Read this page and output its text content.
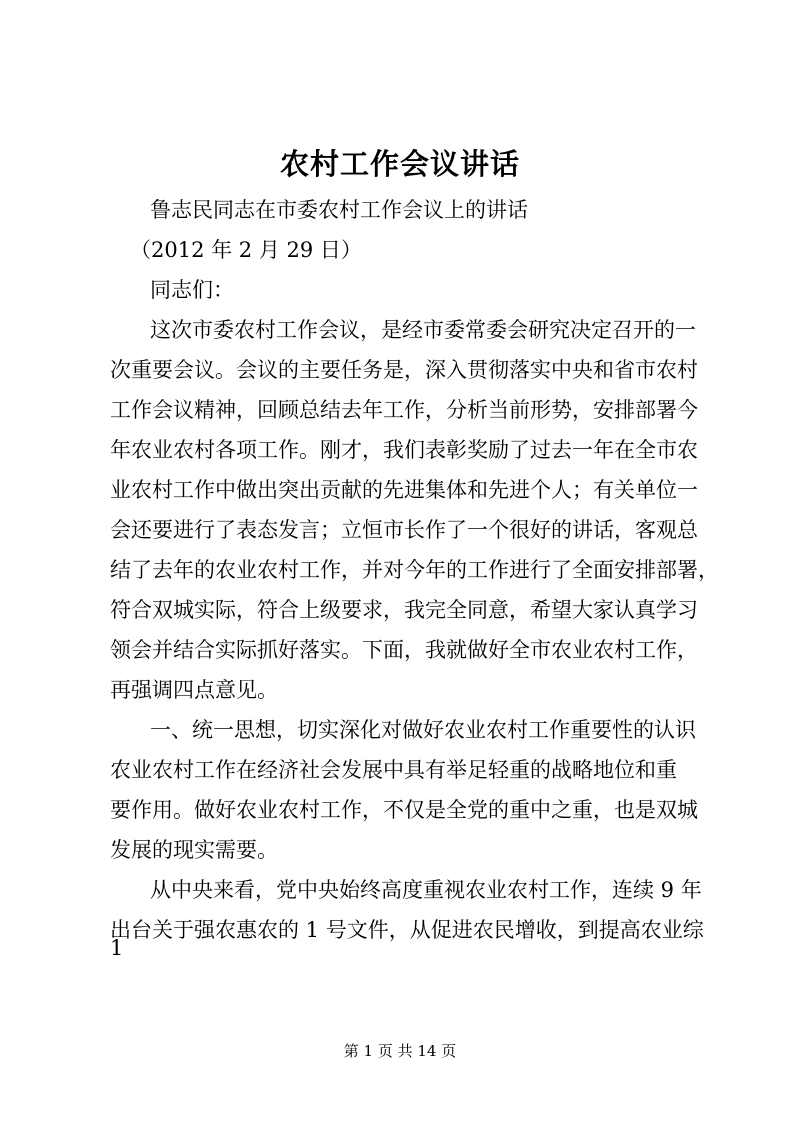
农村工作会议讲话
鲁志民同志在市委农村工作会议上的讲话
（2012 年 2 月 29 日）
同志们：
这次市委农村工作会议，是经市委常委会研究决定召开的一
次重要会议。会议的主要任务是，深入贯彻落实中央和省市农村
工作会议精神，回顾总结去年工作，分析当前形势，安排部署今
年农业农村各项工作。刚才，我们表彰奖励了过去一年在全市农
业农村工作中做出突出贡献的先进集体和先进个人；有关单位一
会还要进行了表态发言；立恒市长作了一个很好的讲话，客观总
结了去年的农业农村工作，并对今年的工作进行了全面安排部署，
符合双城实际，符合上级要求，我完全同意，希望大家认真学习
领会并结合实际抓好落实。下面，我就做好全市农业农村工作，
再强调四点意见。
一、统一思想，切实深化对做好农业农村工作重要性的认识
农业农村工作在经济社会发展中具有举足轻重的战略地位和重
要作用。做好农业农村工作，不仅是全党的重中之重，也是双城
发展的现实需要。
从中央来看，党中央始终高度重视农业农村工作，连续 9 年
出台关于强农惠农的 1 号文件，从促进农民增收，到提高农业综
1
第 1 页 共 14 页
